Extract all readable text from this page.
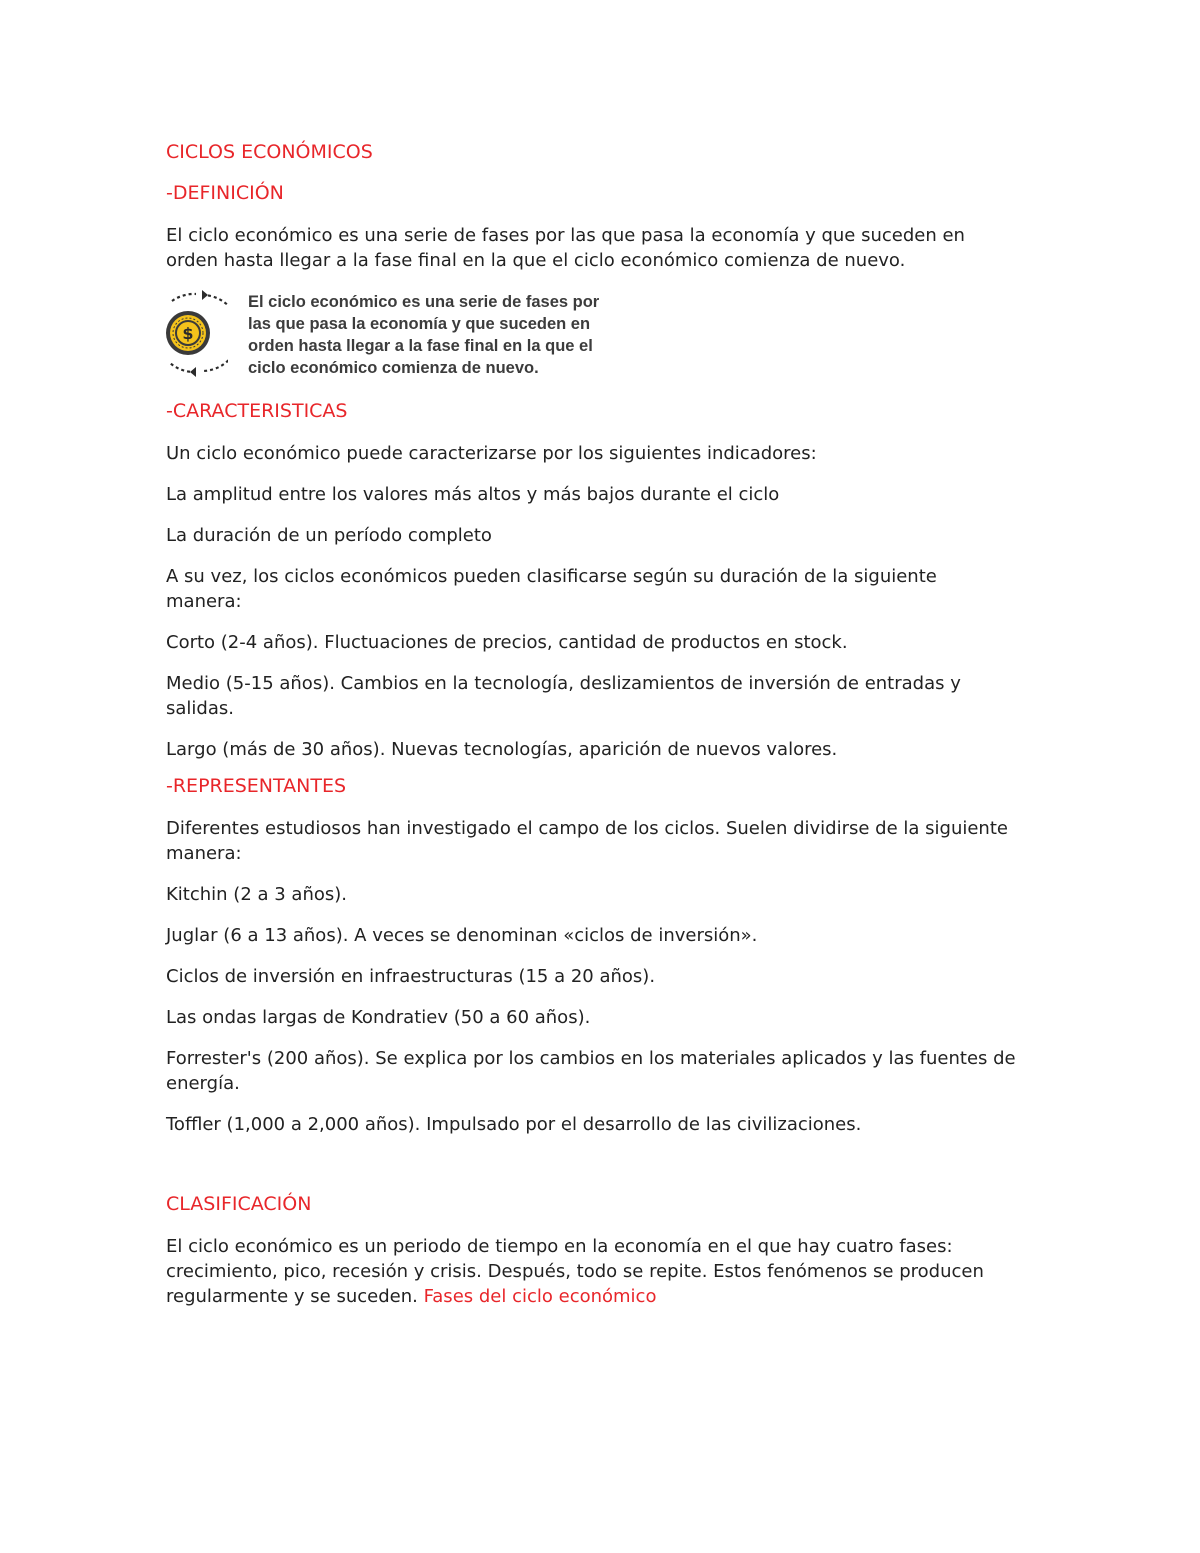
CICLOS ECONÓMICOS
-DEFINICIÓN
El ciclo económico es una serie de fases por las que pasa la economía y que suceden en orden hasta llegar a la fase final en la que el ciclo económico comienza de nuevo.
$
El ciclo económico es una serie de fases por las que pasa la economía y que suceden en orden hasta llegar a la fase final en la que el ciclo económico comienza de nuevo.
-CARACTERISTICAS
Un ciclo económico puede caracterizarse por los siguientes indicadores:
La amplitud entre los valores más altos y más bajos durante el ciclo
La duración de un período completo
A su vez, los ciclos económicos pueden clasificarse según su duración de la siguiente manera:
Corto (2-4 años). Fluctuaciones de precios, cantidad de productos en stock.
Medio (5-15 años). Cambios en la tecnología, deslizamientos de inversión de entradas y salidas.
Largo (más de 30 años). Nuevas tecnologías, aparición de nuevos valores.
-REPRESENTANTES
Diferentes estudiosos han investigado el campo de los ciclos. Suelen dividirse de la siguiente manera:
Kitchin (2 a 3 años).
Juglar (6 a 13 años). A veces se denominan «ciclos de inversión».
Ciclos de inversión en infraestructuras (15 a 20 años).
Las ondas largas de Kondratiev (50 a 60 años).
Forrester's (200 años). Se explica por los cambios en los materiales aplicados y las fuentes de energía.
Toffler (1,000 a 2,000 años). Impulsado por el desarrollo de las civilizaciones.
CLASIFICACIÓN
El ciclo económico es un periodo de tiempo en la economía en el que hay cuatro fases: crecimiento, pico, recesión y crisis. Después, todo se repite. Estos fenómenos se producen regularmente y se suceden. Fases del ciclo económico
